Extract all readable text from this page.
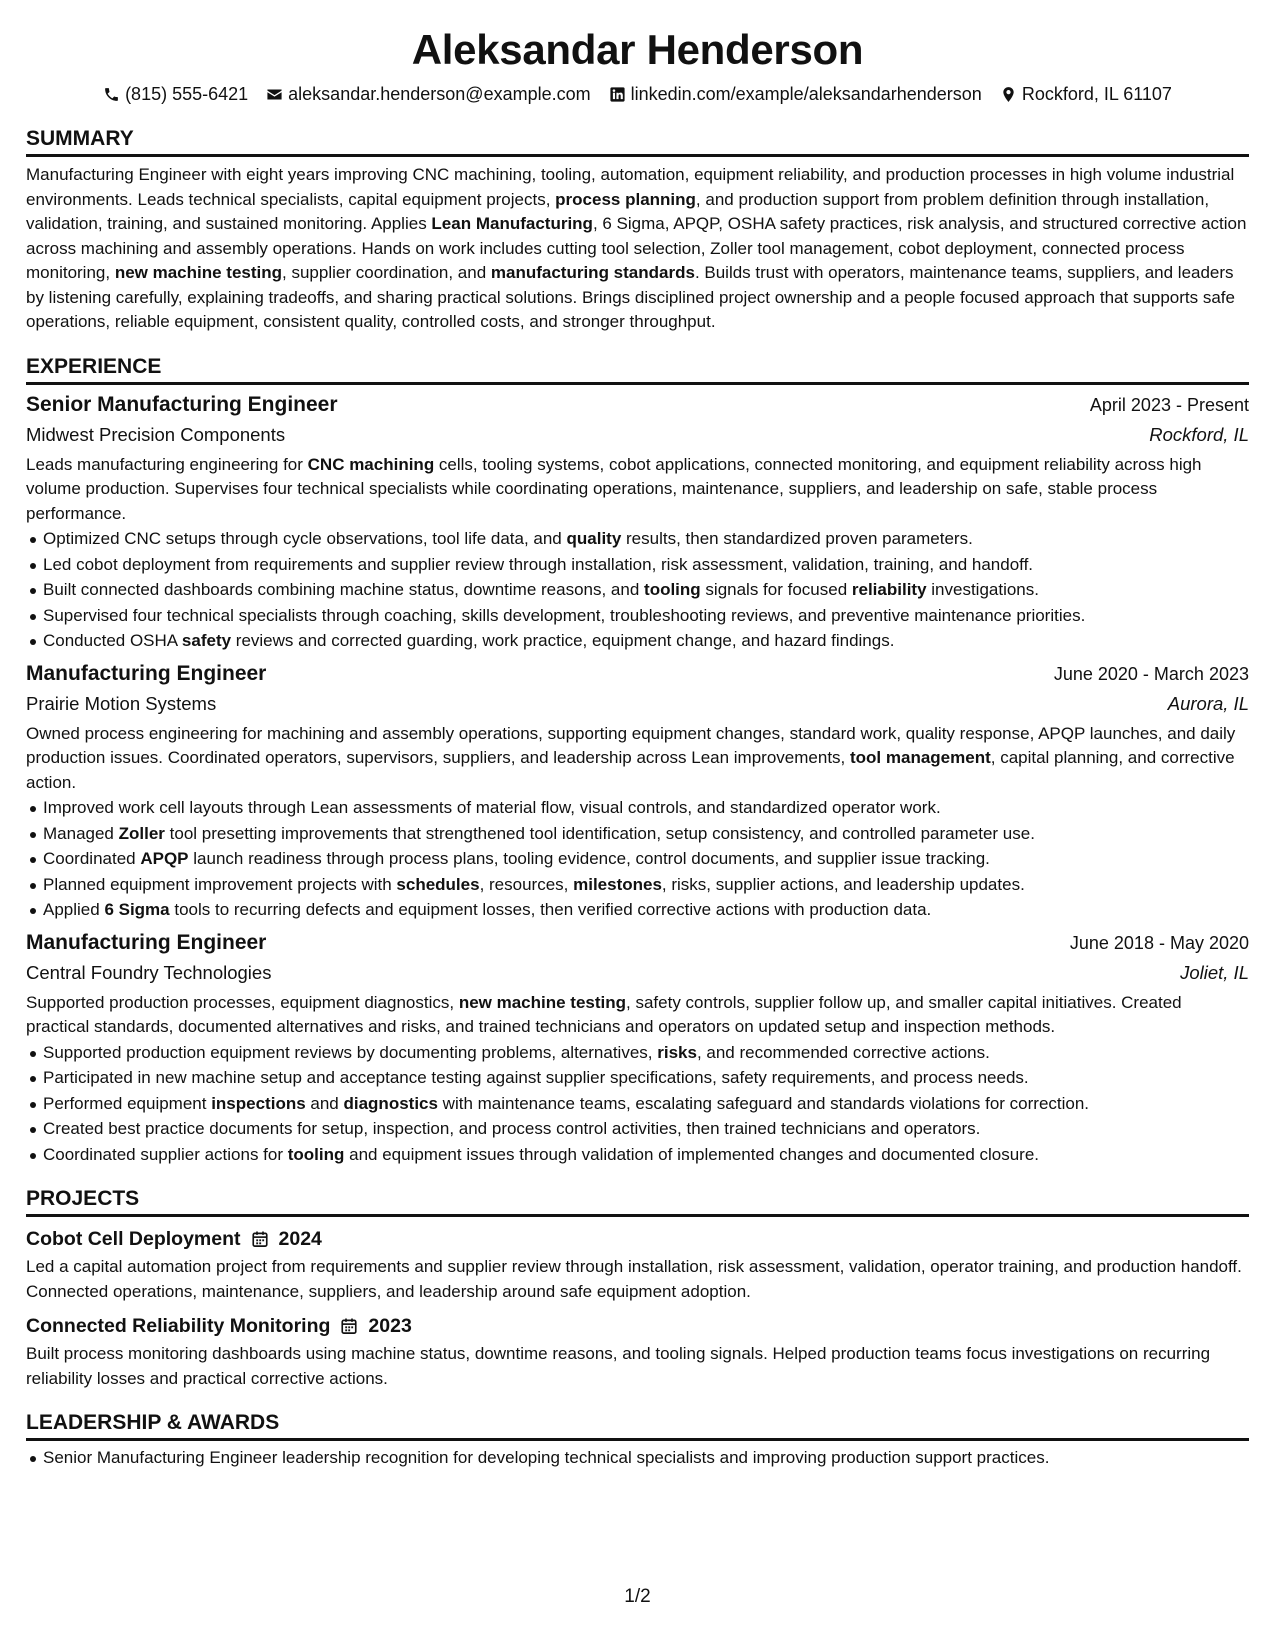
Aleksandar Henderson
(815) 555-6421 aleksandar.henderson@example.com linkedin.com/example/aleksandarhenderson Rockford, IL 61107
SUMMARY

Manufacturing Engineer with eight years improving CNC machining, tooling, automation, equipment reliability, and production processes in high volume industrial environments. Leads technical specialists, capital equipment projects, process planning, and production support from problem definition through installation, validation, training, and sustained monitoring. Applies Lean Manufacturing, 6 Sigma, APQP, OSHA safety practices, risk analysis, and structured corrective action across machining and assembly operations. Hands on work includes cutting tool selection, Zoller tool management, cobot deployment, connected process monitoring, new machine testing, supplier coordination, and manufacturing standards. Builds trust with operators, maintenance teams, suppliers, and leaders by listening carefully, explaining tradeoffs, and sharing practical solutions. Brings disciplined project ownership and a people focused approach that supports safe operations, reliable equipment, consistent quality, controlled costs, and stronger throughput.

EXPERIENCE
Senior Manufacturing Engineer	April 2023 - Present
Midwest Precision Components	Rockford, IL

Leads manufacturing engineering for CNC machining cells, tooling systems, cobot applications, connected monitoring, and equipment reliability across high volume production. Supervises four technical specialists while coordinating operations, maintenance, suppliers, and leadership on safe, stable process performance.

Optimized CNC setups through cycle observations, tool life data, and quality results, then standardized proven parameters.
Led cobot deployment from requirements and supplier review through installation, risk assessment, validation, training, and handoff.
Built connected dashboards combining machine status, downtime reasons, and tooling signals for focused reliability investigations.
Supervised four technical specialists through coaching, skills development, troubleshooting reviews, and preventive maintenance priorities.
Conducted OSHA safety reviews and corrected guarding, work practice, equipment change, and hazard findings.
Manufacturing Engineer	June 2020 - March 2023
Prairie Motion Systems	Aurora, IL

Owned process engineering for machining and assembly operations, supporting equipment changes, standard work, quality response, APQP launches, and daily production issues. Coordinated operators, supervisors, suppliers, and leadership across Lean improvements, tool management, capital planning, and corrective action.

Improved work cell layouts through Lean assessments of material flow, visual controls, and standardized operator work.
Managed Zoller tool presetting improvements that strengthened tool identification, setup consistency, and controlled parameter use.
Coordinated APQP launch readiness through process plans, tooling evidence, control documents, and supplier issue tracking.
Planned equipment improvement projects with schedules, resources, milestones, risks, supplier actions, and leadership updates.
Applied 6 Sigma tools to recurring defects and equipment losses, then verified corrective actions with production data.
Manufacturing Engineer	June 2018 - May 2020
Central Foundry Technologies	Joliet, IL

Supported production processes, equipment diagnostics, new machine testing, safety controls, supplier follow up, and smaller capital initiatives. Created practical standards, documented alternatives and risks, and trained technicians and operators on updated setup and inspection methods.

Supported production equipment reviews by documenting problems, alternatives, risks, and recommended corrective actions.
Participated in new machine setup and acceptance testing against supplier specifications, safety requirements, and process needs.
Performed equipment inspections and diagnostics with maintenance teams, escalating safeguard and standards violations for correction.
Created best practice documents for setup, inspection, and process control activities, then trained technicians and operators.
Coordinated supplier actions for tooling and equipment issues through validation of implemented changes and documented closure.
PROJECTS
Cobot Cell Deployment 2024

Led a capital automation project from requirements and supplier review through installation, risk assessment, validation, operator training, and production handoff. Connected operations, maintenance, suppliers, and leadership around safe equipment adoption.

Connected Reliability Monitoring 2023

Built process monitoring dashboards using machine status, downtime reasons, and tooling signals. Helped production teams focus investigations on recurring reliability losses and practical corrective actions.

LEADERSHIP & AWARDS
Senior Manufacturing Engineer leadership recognition for developing technical specialists and improving production support practices.
1/2
